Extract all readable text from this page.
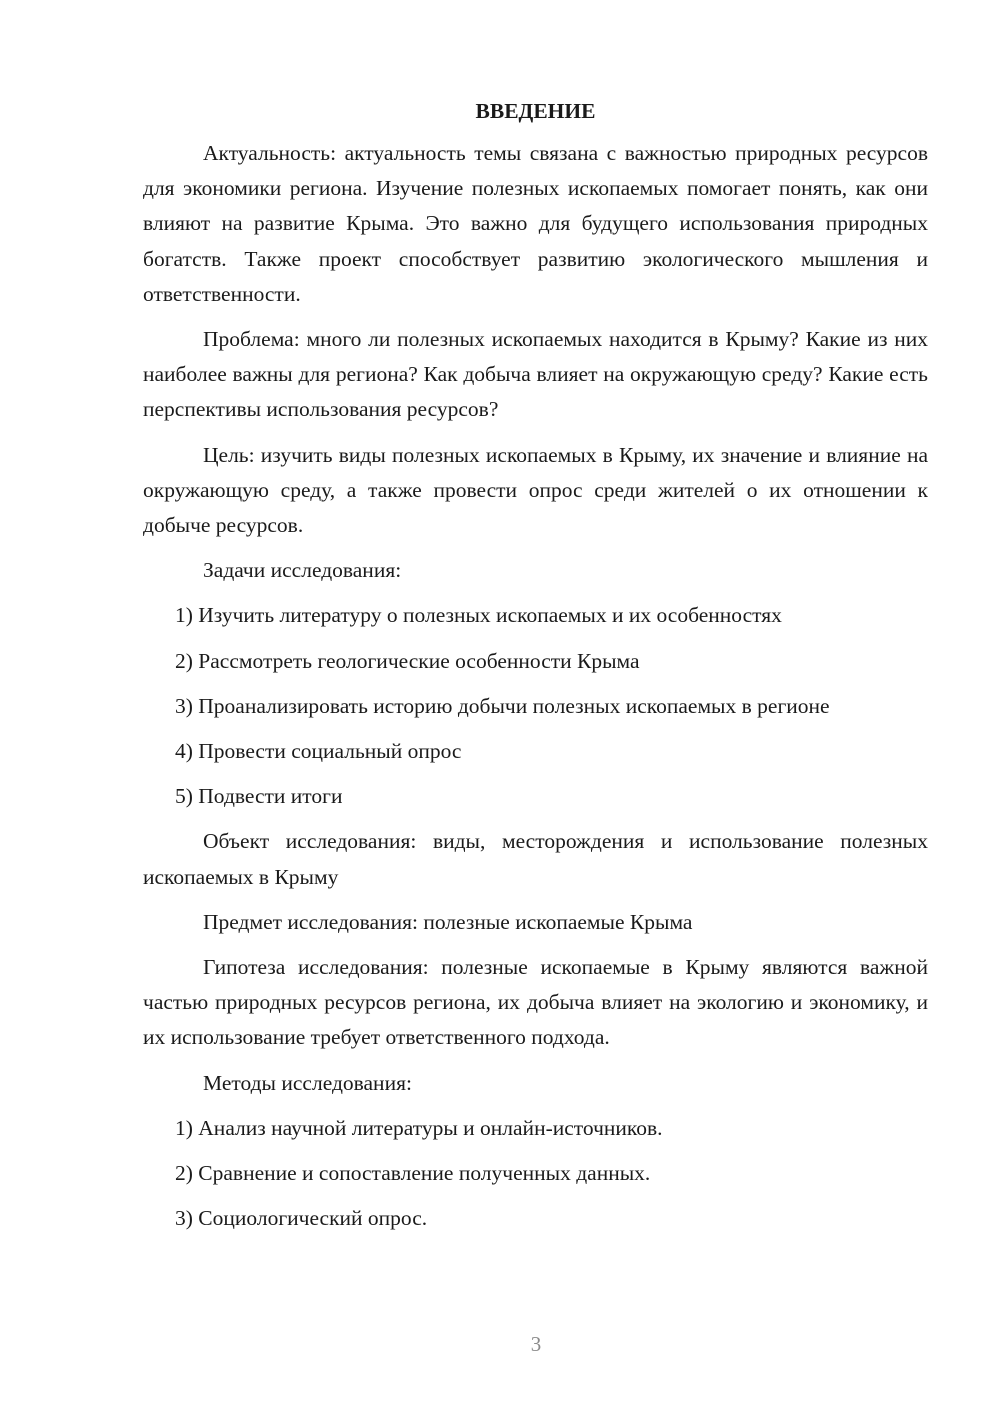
ВВЕДЕНИЕ

Актуальность: актуальность темы связана с важностью природных ресурсов для экономики региона. Изучение полезных ископаемых помогает понять, как они влияют на развитие Крыма. Это важно для будущего использования природных богатств. Также проект способствует развитию экологического мышления и ответственности.

Проблема: много ли полезных ископаемых находится в Крыму? Какие из них наиболее важны для региона? Как добыча влияет на окружающую среду? Какие есть перспективы использования ресурсов?

Цель: изучить виды полезных ископаемых в Крыму, их значение и влияние на окружающую среду, а также провести опрос среди жителей о их отношении к добыче ресурсов.

Задачи исследования:

1) Изучить литературу о полезных ископаемых и их особенностях

2) Рассмотреть геологические особенности Крыма

3) Проанализировать историю добычи полезных ископаемых в регионе

4) Провести социальный опрос

5) Подвести итоги

Объект исследования: виды, месторождения и использование полезных ископаемых в Крыму

Предмет исследования: полезные ископаемые Крыма

Гипотеза исследования: полезные ископаемые в Крыму являются важной частью природных ресурсов региона, их добыча влияет на экологию и экономику, и их использование требует ответственного подхода.

Методы исследования:

1) Анализ научной литературы и онлайн-источников.

2) Сравнение и сопоставление полученных данных.

3) Социологический опрос.

3
